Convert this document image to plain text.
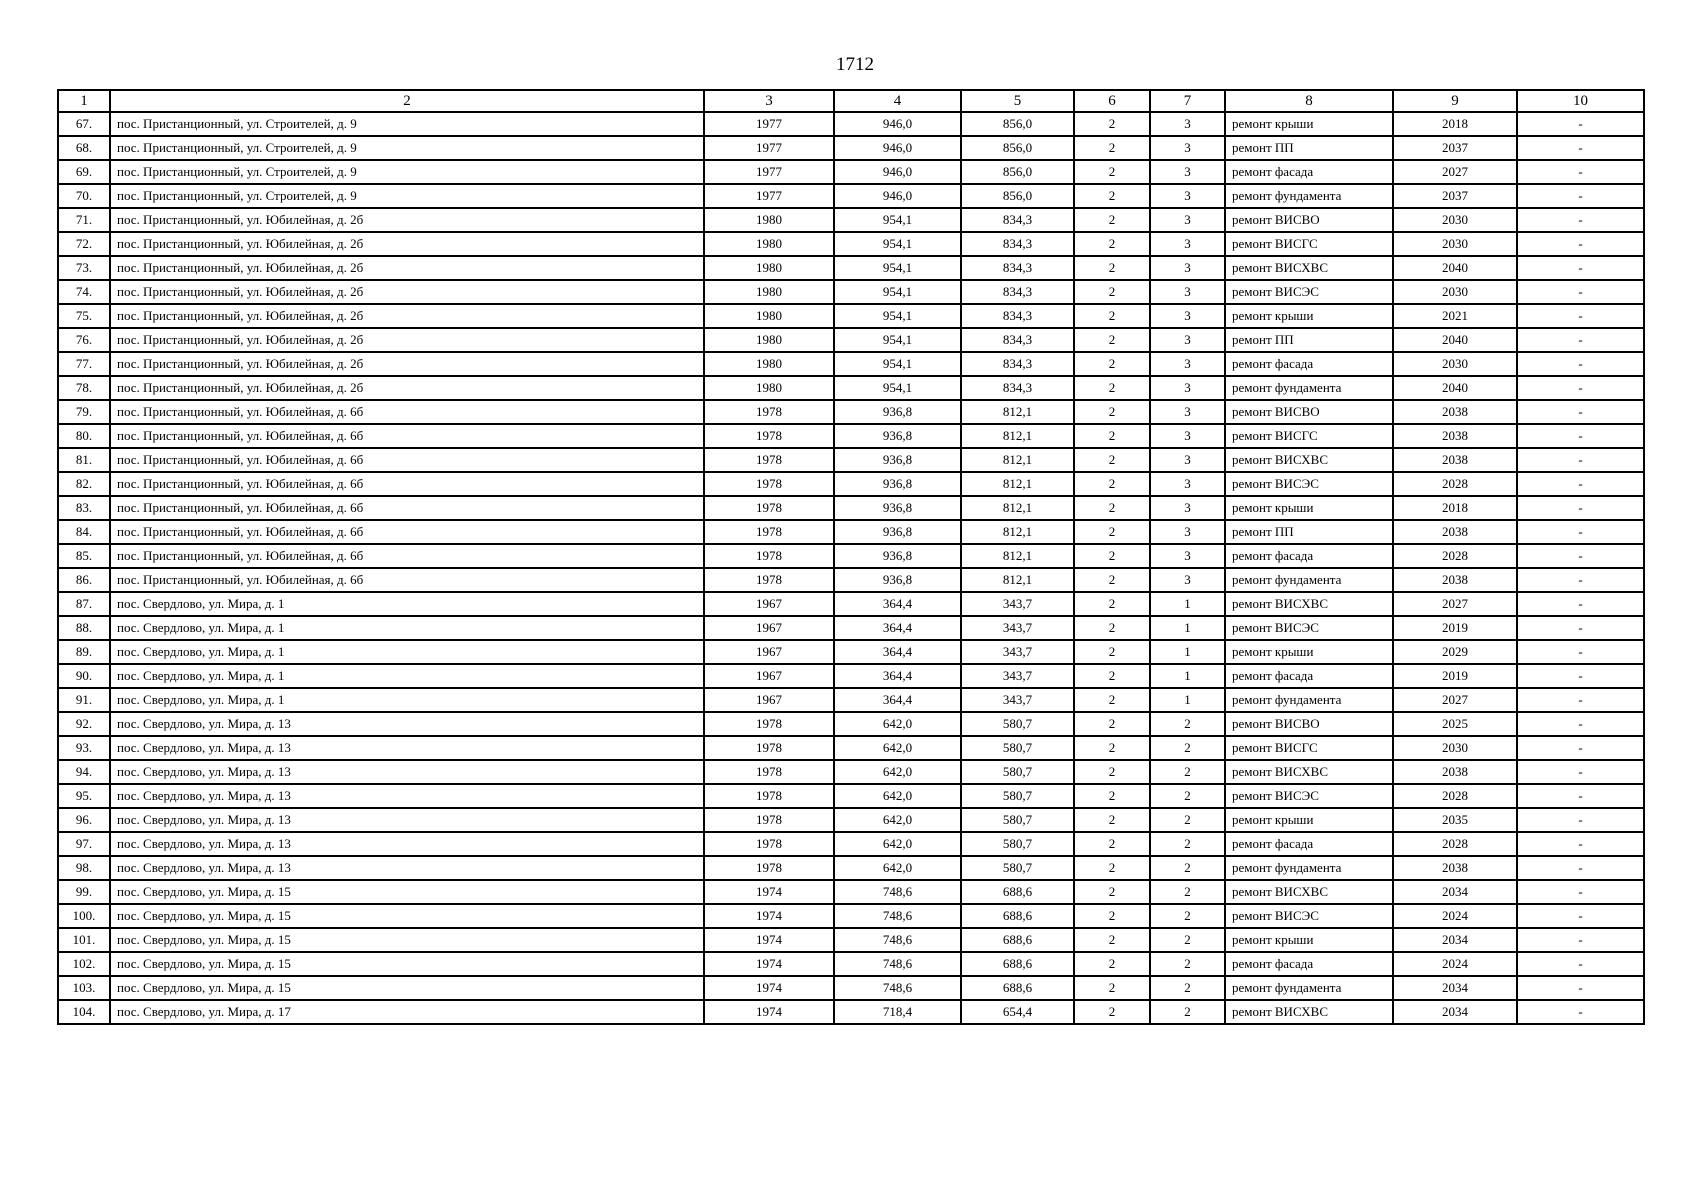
1712
1	2	3	4	5	6	7	8	9	10
67.	пос. Пристанционный, ул. Строителей, д. 9	1977	946,0	856,0	2	3	ремонт крыши	2018	-
68.	пос. Пристанционный, ул. Строителей, д. 9	1977	946,0	856,0	2	3	ремонт ПП	2037	-
69.	пос. Пристанционный, ул. Строителей, д. 9	1977	946,0	856,0	2	3	ремонт фасада	2027	-
70.	пос. Пристанционный, ул. Строителей, д. 9	1977	946,0	856,0	2	3	ремонт фундамента	2037	-
71.	пос. Пристанционный, ул. Юбилейная, д. 2б	1980	954,1	834,3	2	3	ремонт ВИСВО	2030	-
72.	пос. Пристанционный, ул. Юбилейная, д. 2б	1980	954,1	834,3	2	3	ремонт ВИСГС	2030	-
73.	пос. Пристанционный, ул. Юбилейная, д. 2б	1980	954,1	834,3	2	3	ремонт ВИСХВС	2040	-
74.	пос. Пристанционный, ул. Юбилейная, д. 2б	1980	954,1	834,3	2	3	ремонт ВИСЭС	2030	-
75.	пос. Пристанционный, ул. Юбилейная, д. 2б	1980	954,1	834,3	2	3	ремонт крыши	2021	-
76.	пос. Пристанционный, ул. Юбилейная, д. 2б	1980	954,1	834,3	2	3	ремонт ПП	2040	-
77.	пос. Пристанционный, ул. Юбилейная, д. 2б	1980	954,1	834,3	2	3	ремонт фасада	2030	-
78.	пос. Пристанционный, ул. Юбилейная, д. 2б	1980	954,1	834,3	2	3	ремонт фундамента	2040	-
79.	пос. Пристанционный, ул. Юбилейная, д. 6б	1978	936,8	812,1	2	3	ремонт ВИСВО	2038	-
80.	пос. Пристанционный, ул. Юбилейная, д. 6б	1978	936,8	812,1	2	3	ремонт ВИСГС	2038	-
81.	пос. Пристанционный, ул. Юбилейная, д. 6б	1978	936,8	812,1	2	3	ремонт ВИСХВС	2038	-
82.	пос. Пристанционный, ул. Юбилейная, д. 6б	1978	936,8	812,1	2	3	ремонт ВИСЭС	2028	-
83.	пос. Пристанционный, ул. Юбилейная, д. 6б	1978	936,8	812,1	2	3	ремонт крыши	2018	-
84.	пос. Пристанционный, ул. Юбилейная, д. 6б	1978	936,8	812,1	2	3	ремонт ПП	2038	-
85.	пос. Пристанционный, ул. Юбилейная, д. 6б	1978	936,8	812,1	2	3	ремонт фасада	2028	-
86.	пос. Пристанционный, ул. Юбилейная, д. 6б	1978	936,8	812,1	2	3	ремонт фундамента	2038	-
87.	пос. Свердлово, ул. Мира, д. 1	1967	364,4	343,7	2	1	ремонт ВИСХВС	2027	-
88.	пос. Свердлово, ул. Мира, д. 1	1967	364,4	343,7	2	1	ремонт ВИСЭС	2019	-
89.	пос. Свердлово, ул. Мира, д. 1	1967	364,4	343,7	2	1	ремонт крыши	2029	-
90.	пос. Свердлово, ул. Мира, д. 1	1967	364,4	343,7	2	1	ремонт фасада	2019	-
91.	пос. Свердлово, ул. Мира, д. 1	1967	364,4	343,7	2	1	ремонт фундамента	2027	-
92.	пос. Свердлово, ул. Мира, д. 13	1978	642,0	580,7	2	2	ремонт ВИСВО	2025	-
93.	пос. Свердлово, ул. Мира, д. 13	1978	642,0	580,7	2	2	ремонт ВИСГС	2030	-
94.	пос. Свердлово, ул. Мира, д. 13	1978	642,0	580,7	2	2	ремонт ВИСХВС	2038	-
95.	пос. Свердлово, ул. Мира, д. 13	1978	642,0	580,7	2	2	ремонт ВИСЭС	2028	-
96.	пос. Свердлово, ул. Мира, д. 13	1978	642,0	580,7	2	2	ремонт крыши	2035	-
97.	пос. Свердлово, ул. Мира, д. 13	1978	642,0	580,7	2	2	ремонт фасада	2028	-
98.	пос. Свердлово, ул. Мира, д. 13	1978	642,0	580,7	2	2	ремонт фундамента	2038	-
99.	пос. Свердлово, ул. Мира, д. 15	1974	748,6	688,6	2	2	ремонт ВИСХВС	2034	-
100.	пос. Свердлово, ул. Мира, д. 15	1974	748,6	688,6	2	2	ремонт ВИСЭС	2024	-
101.	пос. Свердлово, ул. Мира, д. 15	1974	748,6	688,6	2	2	ремонт крыши	2034	-
102.	пос. Свердлово, ул. Мира, д. 15	1974	748,6	688,6	2	2	ремонт фасада	2024	-
103.	пос. Свердлово, ул. Мира, д. 15	1974	748,6	688,6	2	2	ремонт фундамента	2034	-
104.	пос. Свердлово, ул. Мира, д. 17	1974	718,4	654,4	2	2	ремонт ВИСХВС	2034	-
